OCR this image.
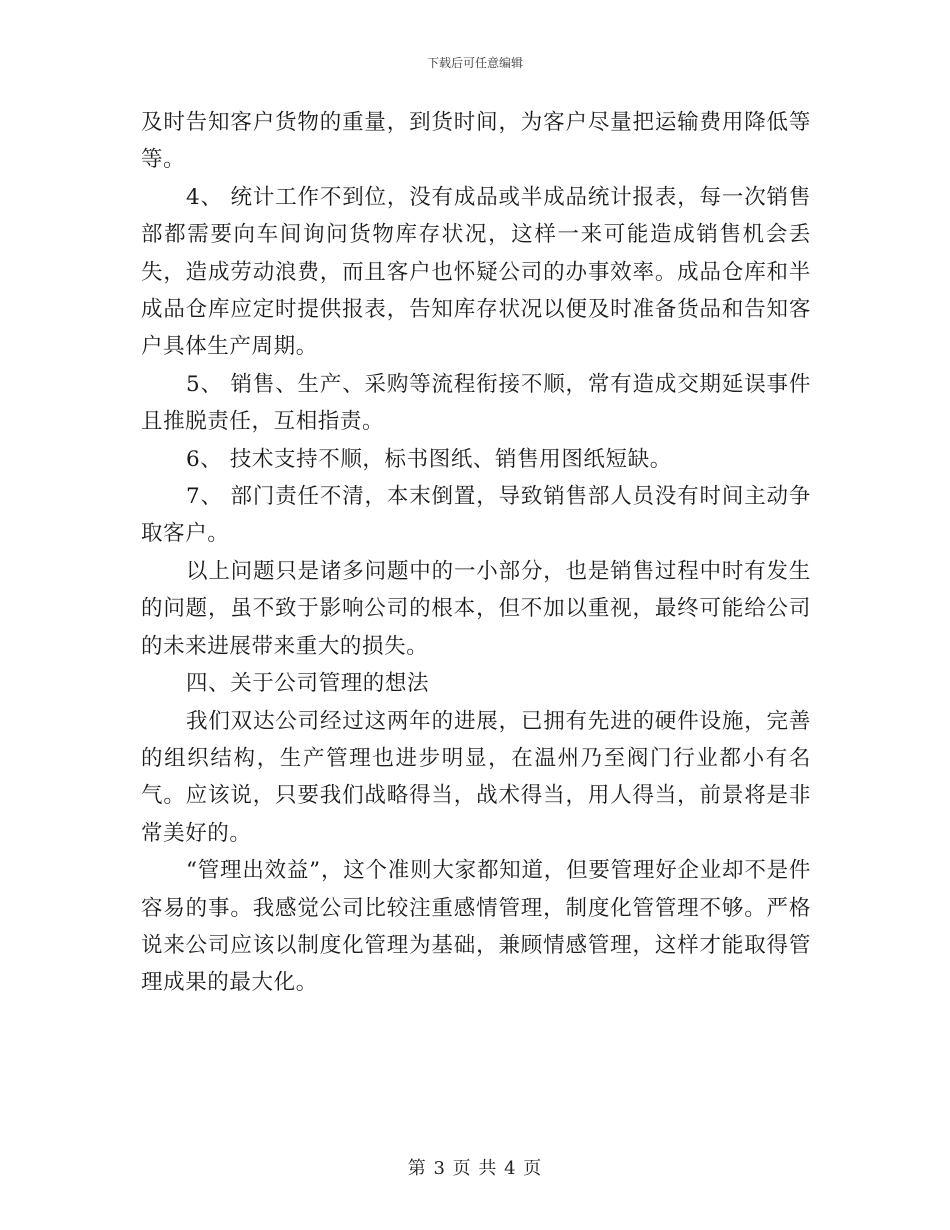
下载后可任意编辑

及时告知客户货物的重量，到货时间，为客户尽量把运输费用降低等等。

4、 统计工作不到位，没有成品或半成品统计报表，每一次销售部都需要向车间询问货物库存状况，这样一来可能造成销售机会丢失，造成劳动浪费，而且客户也怀疑公司的办事效率。成品仓库和半成品仓库应定时提供报表，告知库存状况以便及时准备货品和告知客户具体生产周期。

5、 销售、生产、采购等流程衔接不顺，常有造成交期延误事件且推脱责任，互相指责。

6、 技术支持不顺，标书图纸、销售用图纸短缺。

7、 部门责任不清，本末倒置，导致销售部人员没有时间主动争取客户。

以上问题只是诸多问题中的一小部分，也是销售过程中时有发生的问题，虽不致于影响公司的根本，但不加以重视，最终可能给公司的未来进展带来重大的损失。

四、关于公司管理的想法

我们双达公司经过这两年的进展，已拥有先进的硬件设施，完善的组织结构，生产管理也进步明显，在温州乃至阀门行业都小有名气。应该说，只要我们战略得当，战术得当，用人得当，前景将是非常美好的。

“管理出效益”，这个准则大家都知道，但要管理好企业却不是件容易的事。我感觉公司比较注重感情管理，制度化管管理不够。严格说来公司应该以制度化管理为基础，兼顾情感管理，这样才能取得管理成果的最大化。

第 3 页 共 4 页
